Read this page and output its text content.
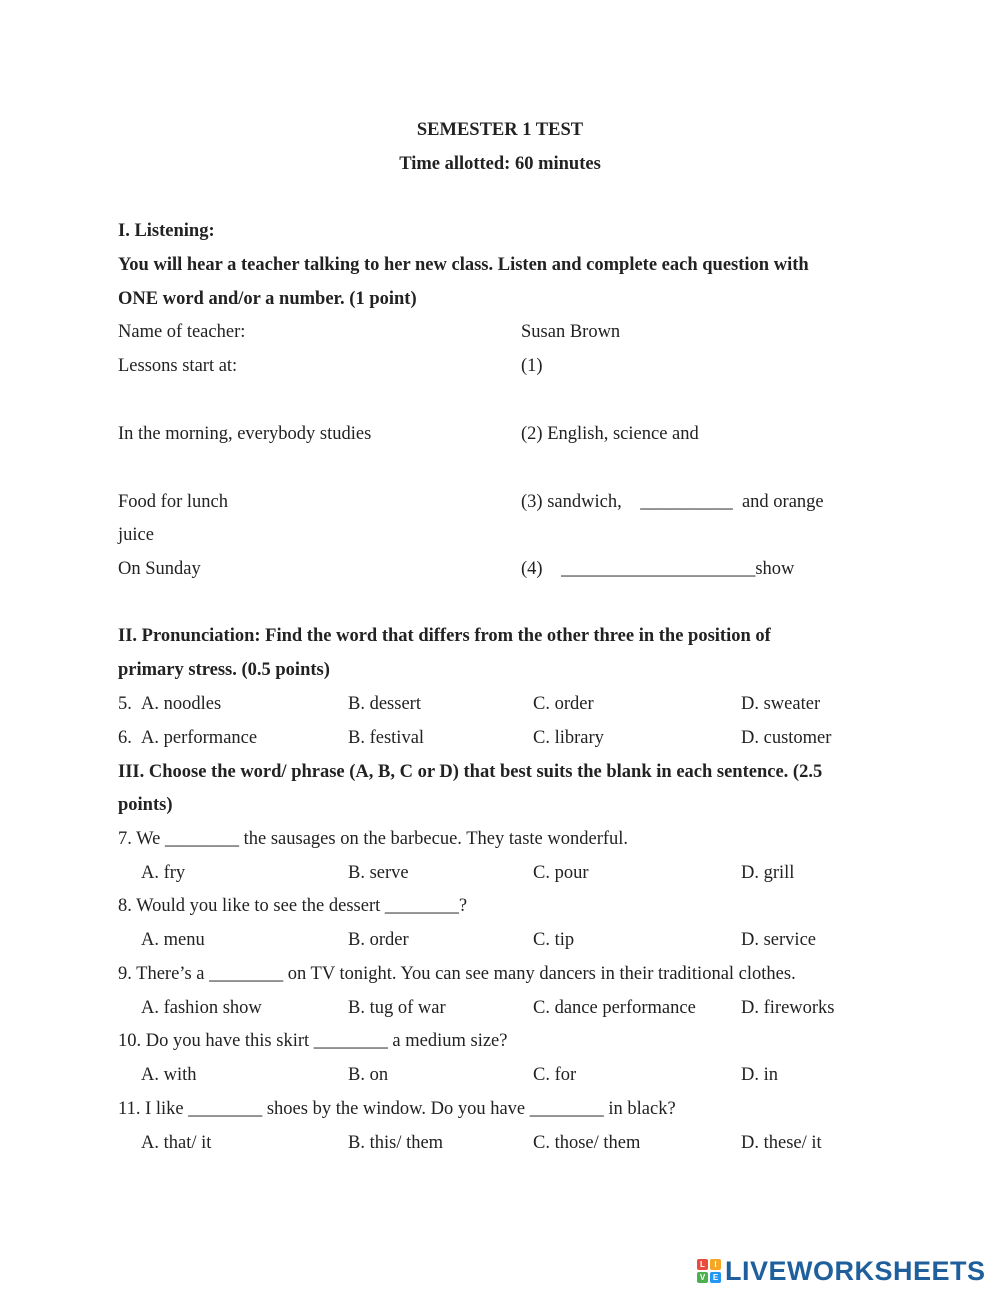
SEMESTER 1 TEST
Time allotted: 60 minutes
I. Listening:
You will hear a teacher talking to her new class. Listen and complete each question with
ONE word and/or a number. (1 point)
Name of teacher:	Susan Brown
Lessons start at:	(1)
In the morning, everybody studies	(2) English, science and
Food for lunch	(3) sandwich,    __________  and orange
juice
On Sunday	(4)    _____________________show
II. Pronunciation: Find the word that differs from the other three in the position of
primary stress. (0.5 points)
5. A. noodles	B. dessert	C. order	D. sweater
6. A. performance	B. festival	C. library	D. customer
III. Choose the word/ phrase (A, B, C or D) that best suits the blank in each sentence. (2.5
points)
7. We ________ the sausages on the barbecue. They taste wonderful.
A. fry	B. serve	C. pour	D. grill
8. Would you like to see the dessert ________?
A. menu	B. order	C. tip	D. service
9. There’s a ________ on TV tonight. You can see many dancers in their traditional clothes.
A. fashion show	B. tug of war	C. dance performance D. fireworks
10. Do you have this skirt ________ a medium size?
A. with	B. on	C. for	D. in
11. I like ________ shoes by the window. Do you have ________ in black?
A. that/ it	B. this/ them	C. those/ them	D. these/ it
L	I
V E LIVEWORKSHEETS
